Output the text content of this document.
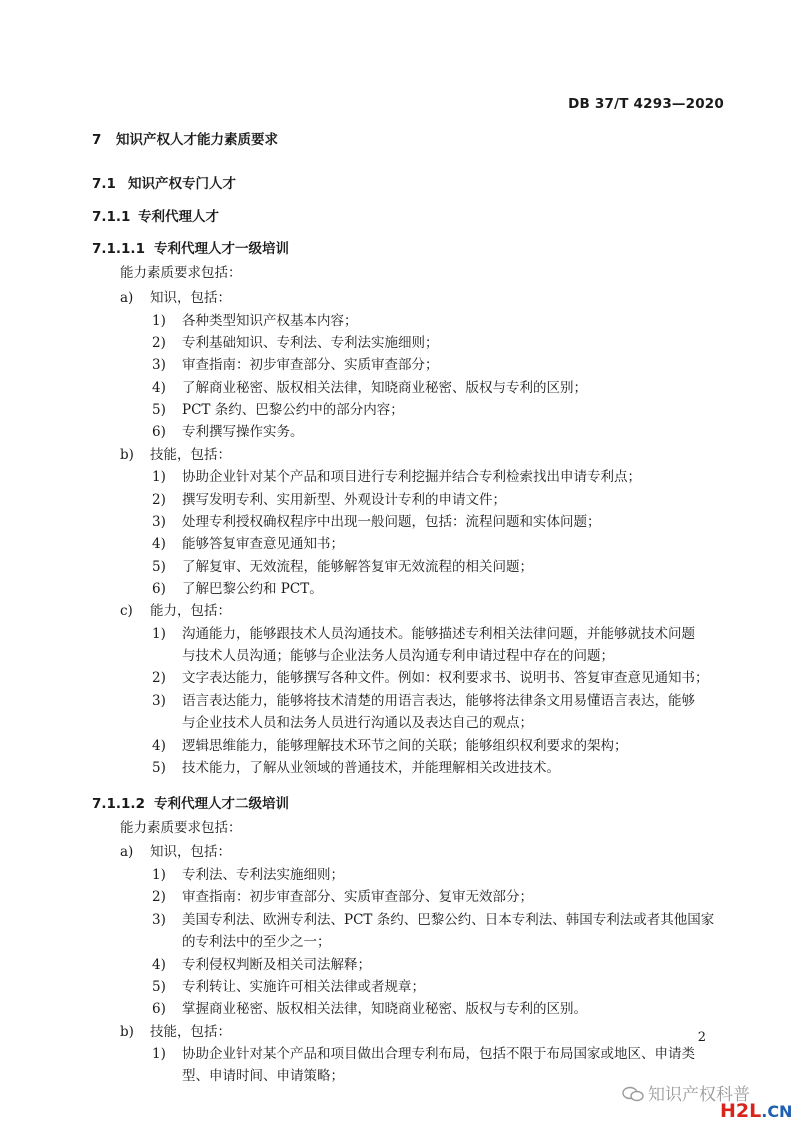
DB 37/T 4293—2020
7 知识产权人才能力素质要求
7.1 知识产权专门人才
7.1.1 专利代理人才
7.1.1.1 专利代理人才一级培训
能力素质要求包括：
a) 知识，包括：
1) 各种类型知识产权基本内容；
2) 专利基础知识、专利法、专利法实施细则；
3) 审查指南：初步审查部分、实质审查部分；
4) 了解商业秘密、版权相关法律，知晓商业秘密、版权与专利的区别；
5) PCT 条约、巴黎公约中的部分内容；
6) 专利撰写操作实务。
b) 技能，包括：
1) 协助企业针对某个产品和项目进行专利挖掘并结合专利检索找出申请专利点；
2) 撰写发明专利、实用新型、外观设计专利的申请文件；
3) 处理专利授权确权程序中出现一般问题，包括：流程问题和实体问题；
4) 能够答复审查意见通知书；
5) 了解复审、无效流程，能够解答复审无效流程的相关问题；
6) 了解巴黎公约和 PCT。
c) 能力，包括：
1) 沟通能力，能够跟技术人员沟通技术。能够描述专利相关法律问题，并能够就技术问题
与技术人员沟通；能够与企业法务人员沟通专利申请过程中存在的问题；
2) 文字表达能力，能够撰写各种文件。例如：权利要求书、说明书、答复审查意见通知书；
3) 语言表达能力，能够将技术清楚的用语言表达，能够将法律条文用易懂语言表达，能够
与企业技术人员和法务人员进行沟通以及表达自己的观点；
4) 逻辑思维能力，能够理解技术环节之间的关联；能够组织权利要求的架构；
5) 技术能力，了解从业领域的普通技术，并能理解相关改进技术。
7.1.1.2 专利代理人才二级培训
能力素质要求包括：
a) 知识，包括：
1) 专利法、专利法实施细则；
2) 审查指南：初步审查部分、实质审查部分、复审无效部分；
3) 美国专利法、欧洲专利法、PCT 条约、巴黎公约、日本专利法、韩国专利法或者其他国家
的专利法中的至少之一；
4) 专利侵权判断及相关司法解释；
5) 专利转让、实施许可相关法律或者规章；
6) 掌握商业秘密、版权相关法律，知晓商业秘密、版权与专利的区别。
b) 技能，包括：
1) 协助企业针对某个产品和项目做出合理专利布局，包括不限于布局国家或地区、申请类
型、申请时间、申请策略；
2
知识产权科普
H2L.CN
